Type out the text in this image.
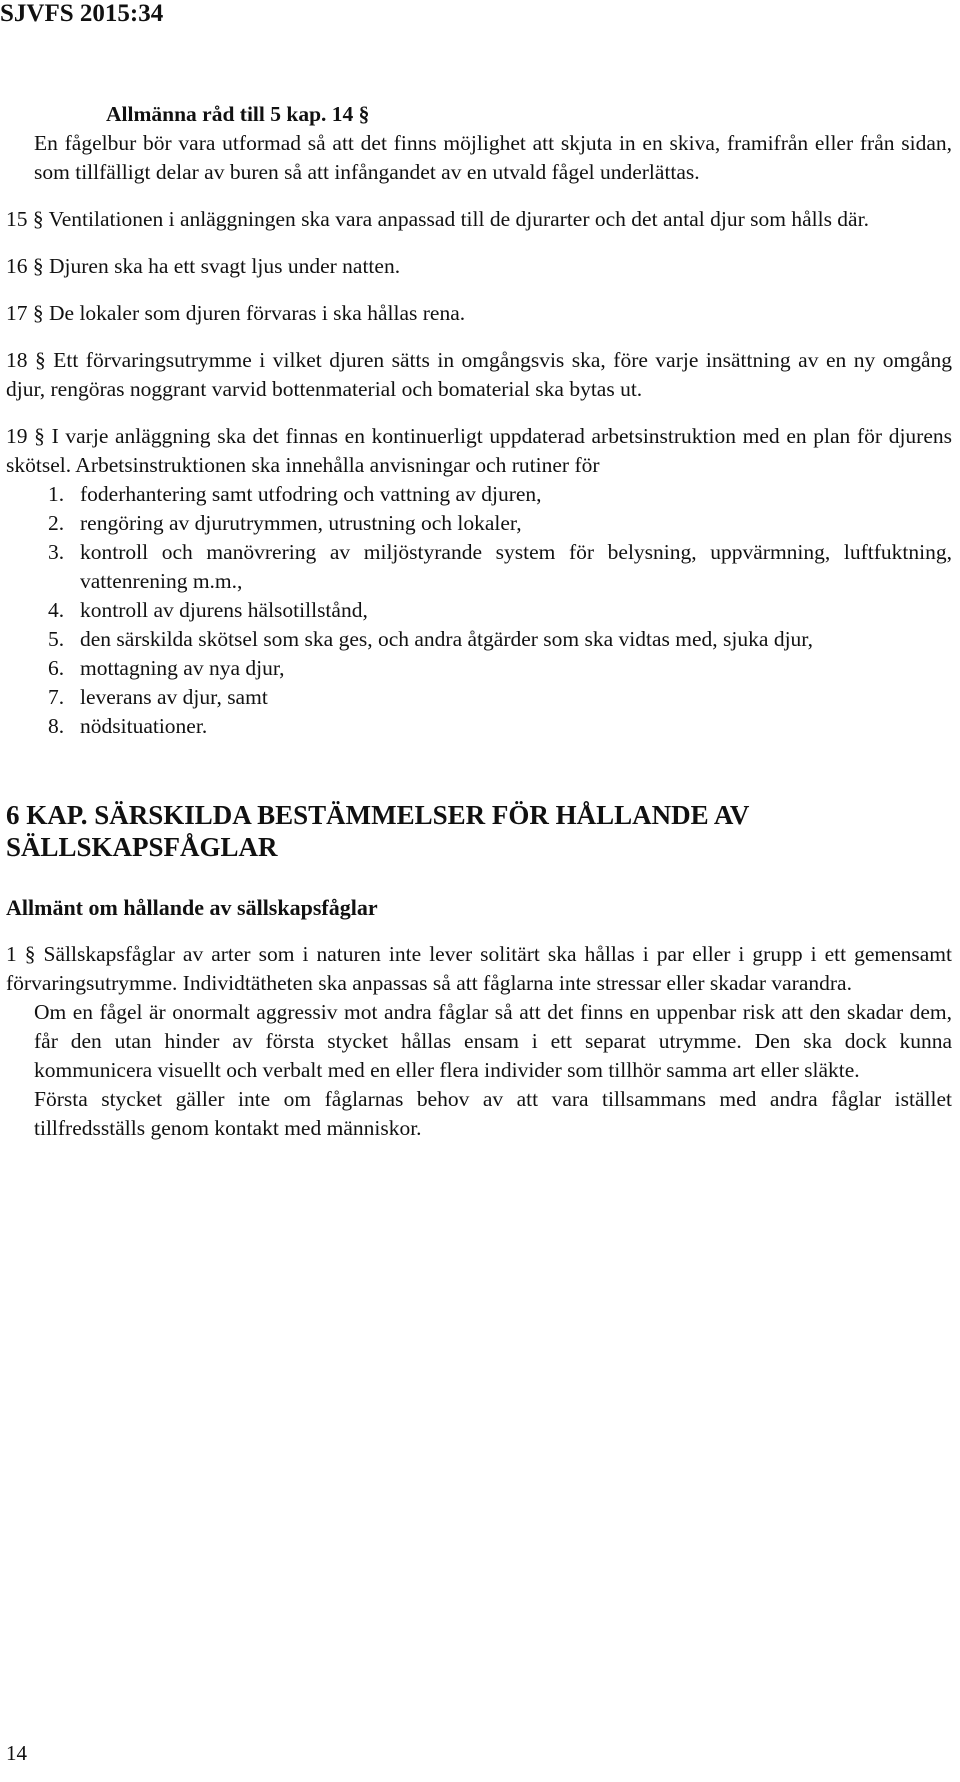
SJVFS 2015:34

Allmänna råd till 5 kap. 14 §

En fågelbur bör vara utformad så att det finns möjlighet att skjuta in en skiva, framifrån eller från sidan, som tillfälligt delar av buren så att infångandet av en utvald fågel underlättas.

15 § Ventilationen i anläggningen ska vara anpassad till de djurarter och det antal djur som hålls där.

16 § Djuren ska ha ett svagt ljus under natten.

17 § De lokaler som djuren förvaras i ska hållas rena.

18 § Ett förvaringsutrymme i vilket djuren sätts in omgångsvis ska, före varje insättning av en ny omgång djur, rengöras noggrant varvid bottenmaterial och bomaterial ska bytas ut.

19 § I varje anläggning ska det finnas en kontinuerligt uppdaterad arbetsinstruktion med en plan för djurens skötsel. Arbetsinstruktionen ska innehålla anvisningar och rutiner för

1. foderhantering samt utfodring och vattning av djuren,
2. rengöring av djurutrymmen, utrustning och lokaler,
3. kontroll och manövrering av miljöstyrande system för belysning, uppvärmning, luftfuktning, vattenrening m.m.,
4. kontroll av djurens hälsotillstånd,
5. den särskilda skötsel som ska ges, och andra åtgärder som ska vidtas med, sjuka djur,
6. mottagning av nya djur,
7. leverans av djur, samt
8. nödsituationer.
6 KAP. SÄRSKILDA BESTÄMMELSER FÖR HÅLLANDE AV SÄLLSKAPSFÅGLAR
Allmänt om hållande av sällskapsfåglar

1 § Sällskapsfåglar av arter som i naturen inte lever solitärt ska hållas i par eller i grupp i ett gemensamt förvaringsutrymme. Individtätheten ska anpassas så att fåglarna inte stressar eller skadar varandra.

Om en fågel är onormalt aggressiv mot andra fåglar så att det finns en uppenbar risk att den skadar dem, får den utan hinder av första stycket hållas ensam i ett separat utrymme. Den ska dock kunna kommunicera visuellt och verbalt med en eller flera individer som tillhör samma art eller släkte.

Första stycket gäller inte om fåglarnas behov av att vara tillsammans med andra fåglar istället tillfredsställs genom kontakt med människor.

14
